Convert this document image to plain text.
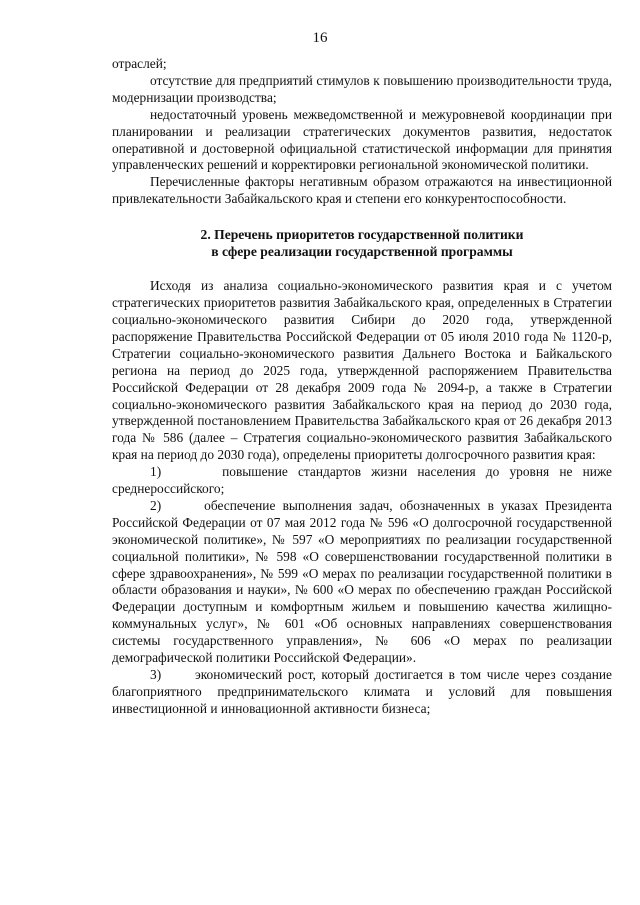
16

отраслей;

отсутствие для предприятий стимулов к повышению производительности труда, модернизации производства;

недостаточный уровень межведомственной и межуровневой координации при планировании и реализации стратегических документов развития, недостаток оперативной и достоверной официальной статистической информации для принятия управленческих решений и корректировки региональной экономической политики.

Перечисленные факторы негативным образом отражаются на инвестиционной привлекательности Забайкальского края и степени его конкурентоспособности.

2. Перечень приоритетов государственной политики
в сфере реализации государственной программы

Исходя из анализа социально-экономического развития края и с учетом стратегических приоритетов развития Забайкальского края, определенных в Стратегии социально-экономического развития Сибири до 2020 года, утвержденной распоряжение Правительства Российской Федерации от 05 июля 2010 года № 1120-р, Стратегии социально-экономического развития Дальнего Востока и Байкальского региона на период до 2025 года, утвержденной распоряжением Правительства Российской Федерации от 28 декабря 2009 года № 2094-р, а также в Стратегии социально-экономического развития Забайкальского края на период до 2030 года, утвержденной постановлением Правительства Забайкальского края от 26 декабря 2013 года № 586 (далее – Стратегия социально-экономического развития Забайкальского края на период до 2030 года), определены приоритеты долгосрочного развития края:

1)      повышение стандартов жизни населения до уровня не ниже среднероссийского;

2)      обеспечение выполнения задач, обозначенных в указах Президента Российской Федерации от 07 мая 2012 года № 596 «О долгосрочной государственной экономической политике», № 597 «О мероприятиях по реализации государственной социальной политики», № 598 «О совершенствовании государственной политики в сфере здравоохранения», № 599 «О мерах по реализации государственной политики в области образования и науки», № 600 «О мерах по обеспечению граждан Российской Федерации доступным и комфортным жильем и повышению качества жилищно-коммунальных услуг», № 601 «Об основных направлениях совершенствования системы государственного управления», № 606 «О мерах по реализации демографической политики Российской Федерации».

3)      экономический рост, который достигается в том числе через создание благоприятного предпринимательского климата и условий для повышения инвестиционной и инновационной активности бизнеса;
